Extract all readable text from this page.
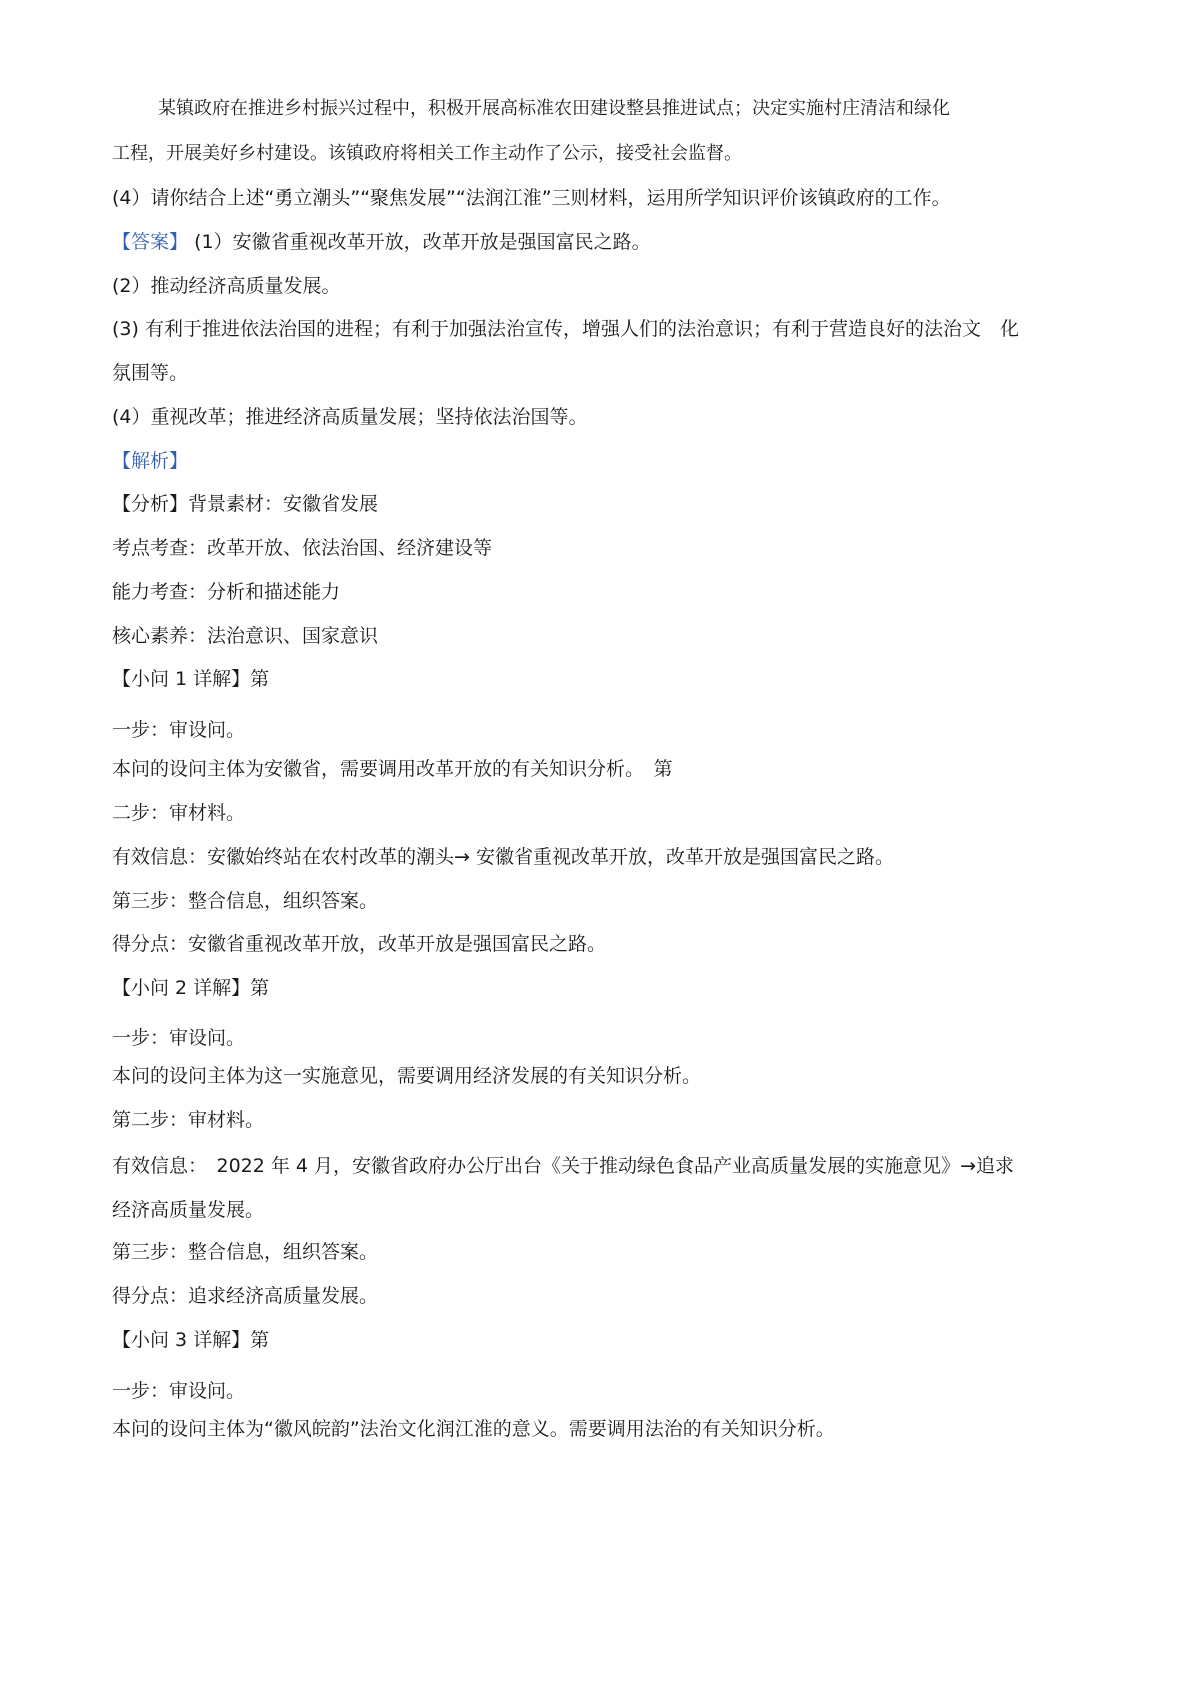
某镇政府在推进乡村振兴过程中，积极开展高标准农田建设整县推进试点；决定实施村庄清洁和绿化
工程，开展美好乡村建设。该镇政府将相关工作主动作了公示，接受社会监督。
(4）请你结合上述“勇立潮头”“聚焦发展”“法润江淮”三则材料，运用所学知识评价该镇政府的工作。
【答案】 (1）安徽省重视改革开放，改革开放是强国富民之路。
(2）推动经济高质量发展。
(3) 有利于推进依法治国的进程；有利于加强法治宣传，增强人们的法治意识；有利于营造良好的法治文　化
氛围等。
(4）重视改革；推进经济高质量发展；坚持依法治国等。
【解析】
【分析】背景素材：安徽省发展
考点考查：改革开放、依法治国、经济建设等
能力考查：分析和描述能力
核心素养：法治意识、国家意识
【小问 1 详解】第
一步：审设问。
本问的设问主体为安徽省，需要调用改革开放的有关知识分析。　第
二步：审材料。
有效信息：安徽始终站在农村改革的潮头→ 安徽省重视改革开放，改革开放是强国富民之路。
第三步：整合信息，组织答案。
得分点：安徽省重视改革开放，改革开放是强国富民之路。
【小问 2 详解】第
一步：审设问。
本问的设问主体为这一实施意见，需要调用经济发展的有关知识分析。
第二步：审材料。
有效信息：　2022 年 4 月，安徽省政府办公厅出台《关于推动绿色食品产业高质量发展的实施意见》→追求
经济高质量发展。
第三步：整合信息，组织答案。
得分点：追求经济高质量发展。
【小问 3 详解】第
一步：审设问。
本问的设问主体为“徽风皖韵”法治文化润江淮的意义。需要调用法治的有关知识分析。
